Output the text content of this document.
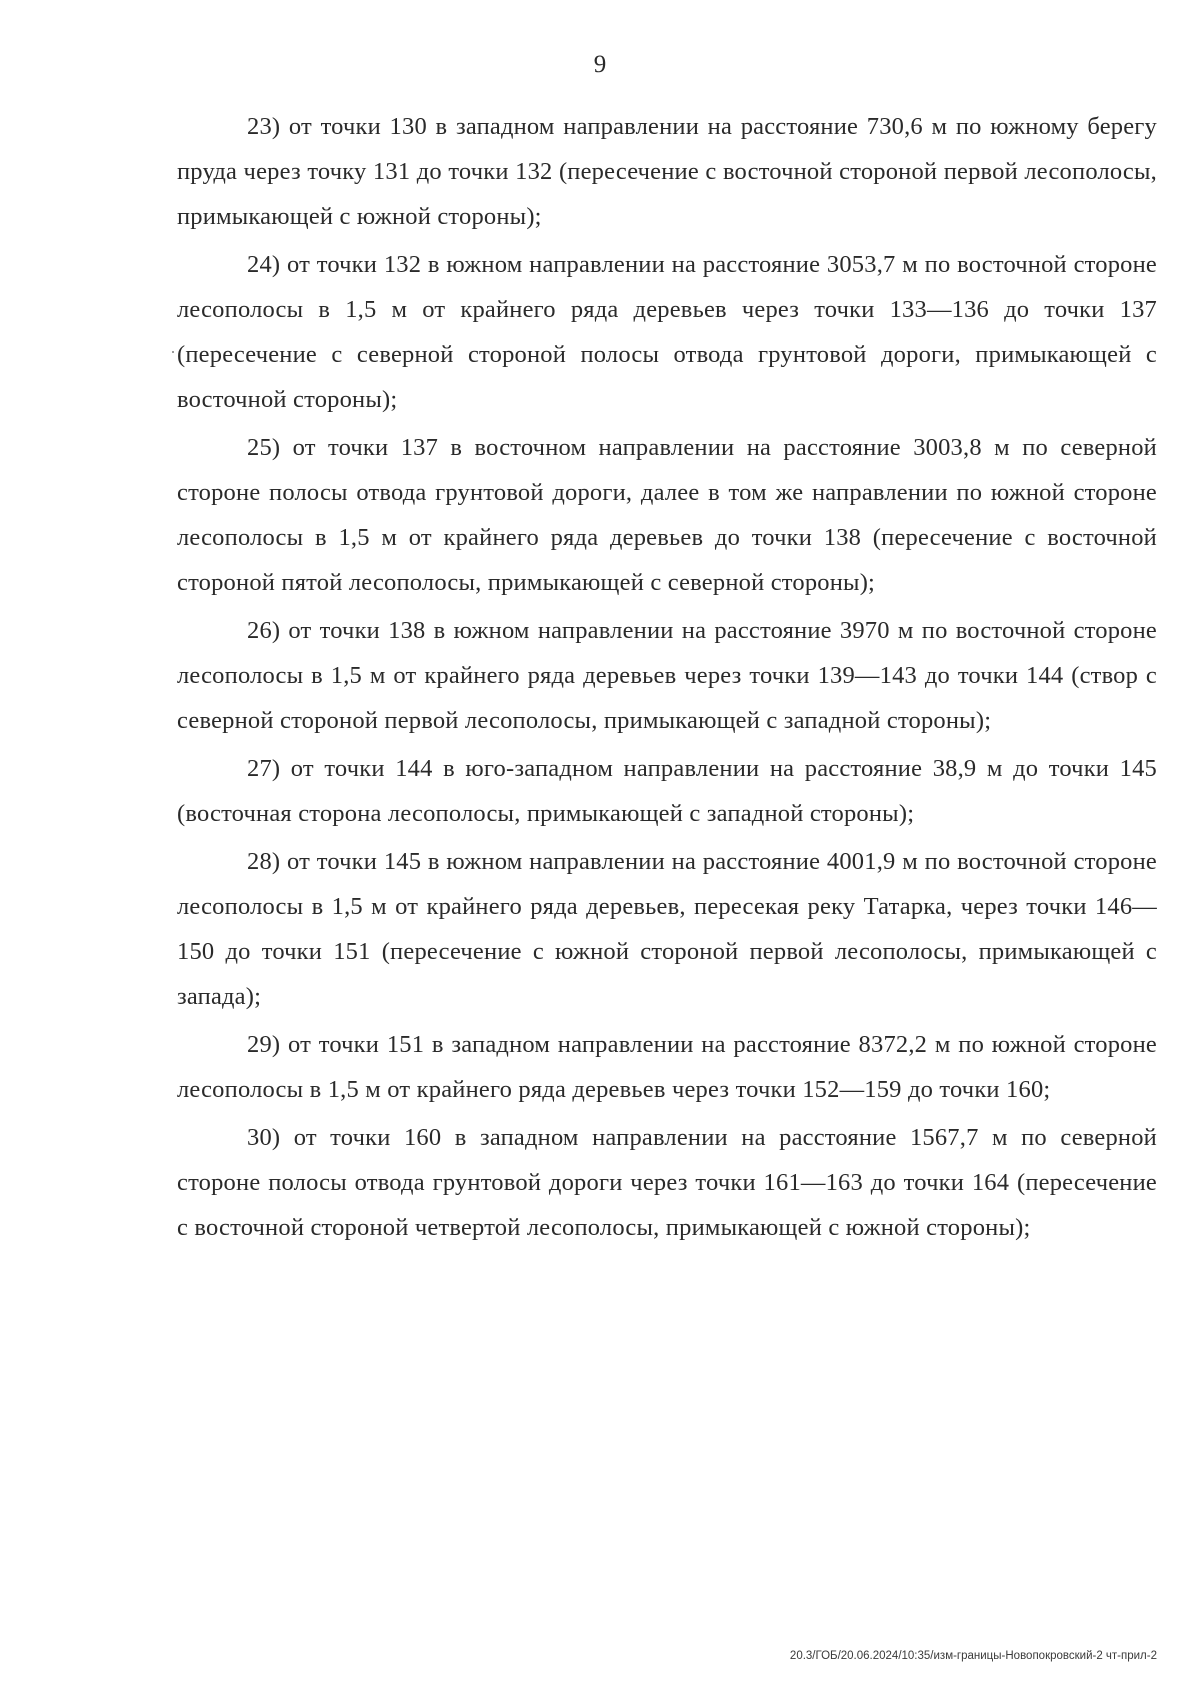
9

23) от точки 130 в западном направлении на расстояние 730,6 м по южному берегу пруда через точку 131 до точки 132 (пересечение с восточной стороной первой лесополосы, примыкающей с южной стороны);

24) от точки 132 в южном направлении на расстояние 3053,7 м по восточной стороне лесополосы в 1,5 м от крайнего ряда деревьев через точки 133—136 до точки 137 (пересечение с северной стороной полосы отвода грунтовой дороги, примыкающей с восточной стороны);

25) от точки 137 в восточном направлении на расстояние 3003,8 м по северной стороне полосы отвода грунтовой дороги, далее в том же направлении по южной стороне лесополосы в 1,5 м от крайнего ряда деревьев до точки 138 (пересечение с восточной стороной пятой лесополосы, примыкающей с северной стороны);

26) от точки 138 в южном направлении на расстояние 3970 м по восточной стороне лесополосы в 1,5 м от крайнего ряда деревьев через точки 139—143 до точки 144 (створ с северной стороной первой лесополосы, примыкающей с западной стороны);

27) от точки 144 в юго-западном направлении на расстояние 38,9 м до точки 145 (восточная сторона лесополосы, примыкающей с западной стороны);

28) от точки 145 в южном направлении на расстояние 4001,9 м по восточной стороне лесополосы в 1,5 м от крайнего ряда деревьев, пересекая реку Татарка, через точки 146—150 до точки 151 (пересечение с южной стороной первой лесополосы, примыкающей с запада);

29) от точки 151 в западном направлении на расстояние 8372,2 м по южной стороне лесополосы в 1,5 м от крайнего ряда деревьев через точки 152—159 до точки 160;

30) от точки 160 в западном направлении на расстояние 1567,7 м по северной стороне полосы отвода грунтовой дороги через точки 161—163 до точки 164 (пересечение с восточной стороной четвертой лесополосы, примыкающей с южной стороны);

20.3/ГОБ/20.06.2024/10:35/изм-границы-Новопокровский-2 чт-прил-2
